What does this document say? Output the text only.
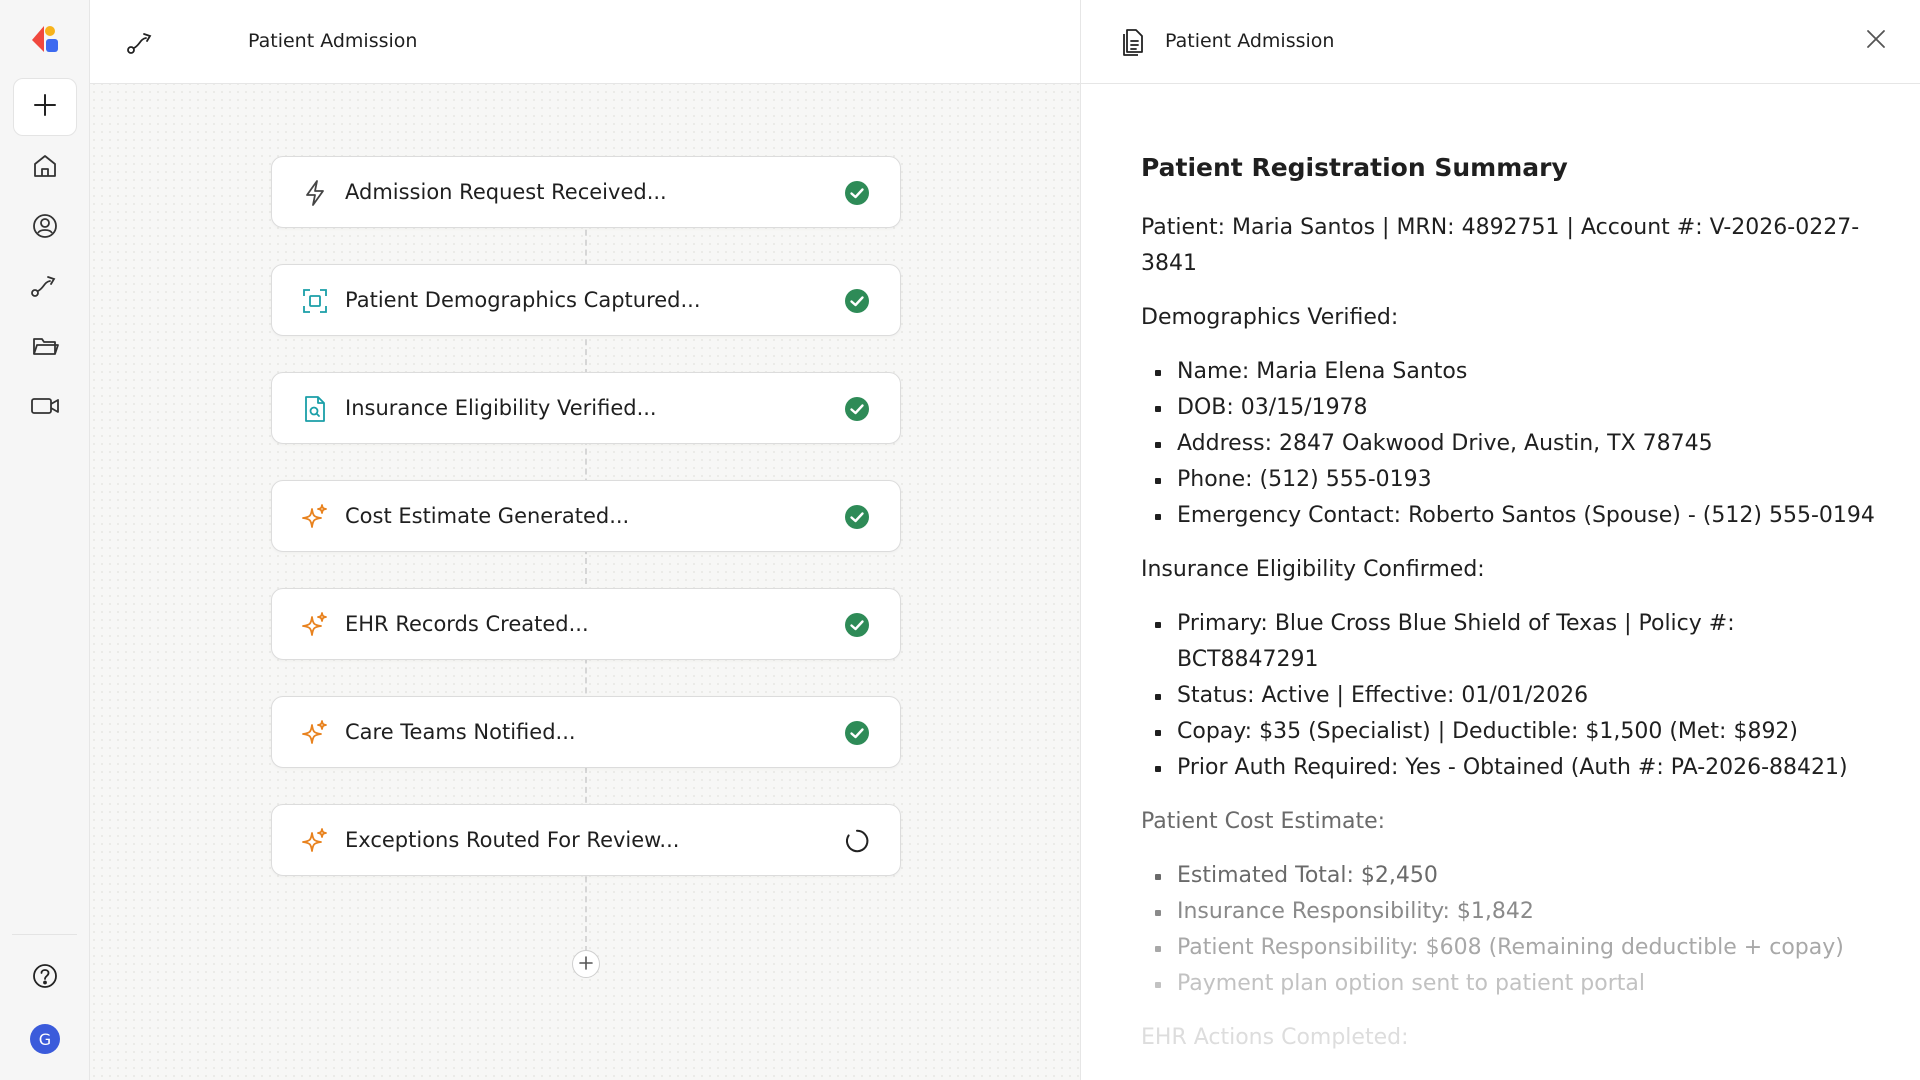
G
Patient Admission
Admission Request Received...
Patient Demographics Captured...
Insurance Eligibility Verified...
Cost Estimate Generated...
EHR Records Created...
Care Teams Notified...
Exceptions Routed For Review...
Patient Admission
Patient Registration Summary

Patient: Maria Santos | MRN: 4892751 | Account #: V-2026-0227-3841

Demographics Verified:

Name: Maria Elena Santos
DOB: 03/15/1978
Address: 2847 Oakwood Drive, Austin, TX 78745
Phone: (512) 555-0193
Emergency Contact: Roberto Santos (Spouse) - (512) 555-0194

Insurance Eligibility Confirmed:

Primary: Blue Cross Blue Shield of Texas | Policy #: BCT8847291
Status: Active | Effective: 01/01/2026
Copay: $35 (Specialist) | Deductible: $1,500 (Met: $892)
Prior Auth Required: Yes - Obtained (Auth #: PA-2026-88421)

Patient Cost Estimate:

Estimated Total: $2,450
Insurance Responsibility: $1,842
Patient Responsibility: $608 (Remaining deductible + copay)
Payment plan option sent to patient portal

EHR Actions Completed:
